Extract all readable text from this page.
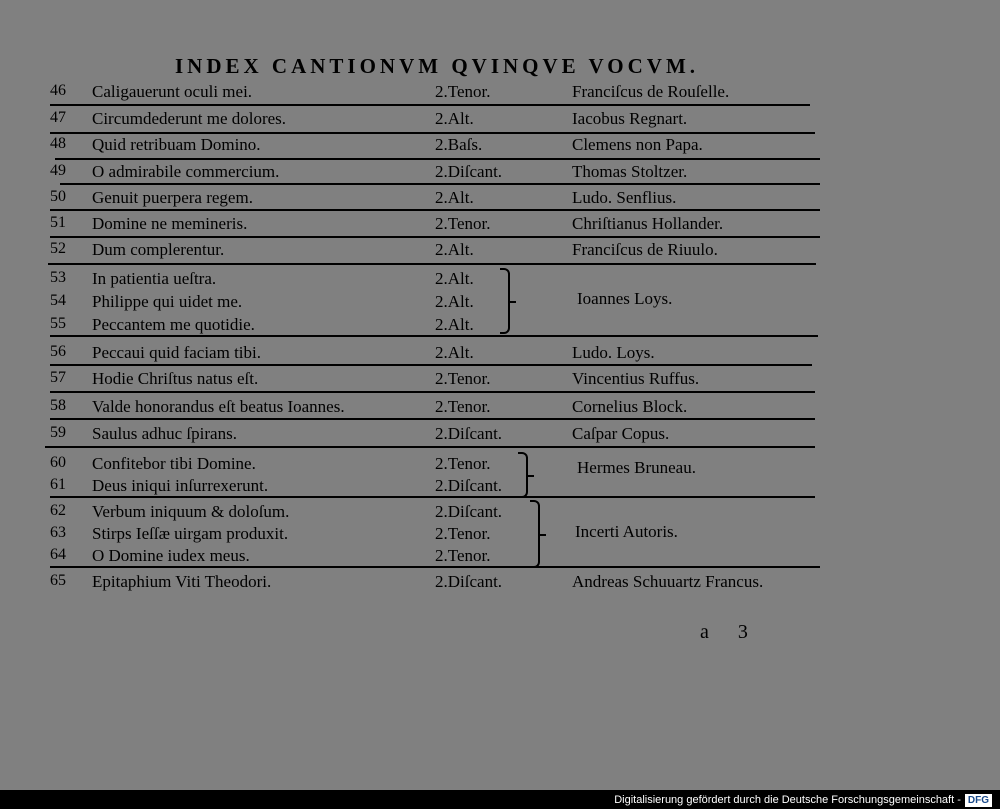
INDEX CANTIONVM QVINQVE VOCVM.
46	Caligauerunt oculi mei.	2.Tenor.	Franciſcus de Rouſelle.
47	Circumdederunt me dolores.	2.Alt.	Iacobus Regnart.
48	Quid retribuam Domino.	2.Baſs.	Clemens non Papa.
49	O admirabile commercium.	2.Diſcant.	Thomas Stoltzer.
50	Genuit puerpera regem.	2.Alt.	Ludo. Senflius.
51	Domine ne memineris.	2.Tenor.	Chriſtianus Hollander.
52	Dum complerentur.	2.Alt.	Franciſcus de Riuulo.
53	In patientia ueſtra.	2.Alt.
54	Philippe qui uidet me.	2.Alt.
55	Peccantem me quotidie.	2.Alt.
Ioannes Loys.
56	Peccaui quid faciam tibi.	2.Alt.	Ludo. Loys.
57	Hodie Chriſtus natus eſt.	2.Tenor.	Vincentius Ruffus.
58	Valde honorandus eſt beatus Ioannes.	2.Tenor.	Cornelius Block.
59	Saulus adhuc ſpirans.	2.Diſcant.	Caſpar Copus.
60	Confitebor tibi Domine.	2.Tenor.
61	Deus iniqui inſurrexerunt.	2.Diſcant.
Hermes Bruneau.
62	Verbum iniquum & doloſum.	2.Diſcant.
63	Stirps Ieſſæ uirgam produxit.	2.Tenor.
64	O Domine iudex meus.	2.Tenor.
Incerti Autoris.
65	Epitaphium Viti Theodori.	2.Diſcant.	Andreas Schuuartz Francus.
a 3
Digitalisierung gefördert durch die Deutsche Forschungsgemeinschaft - DFG
